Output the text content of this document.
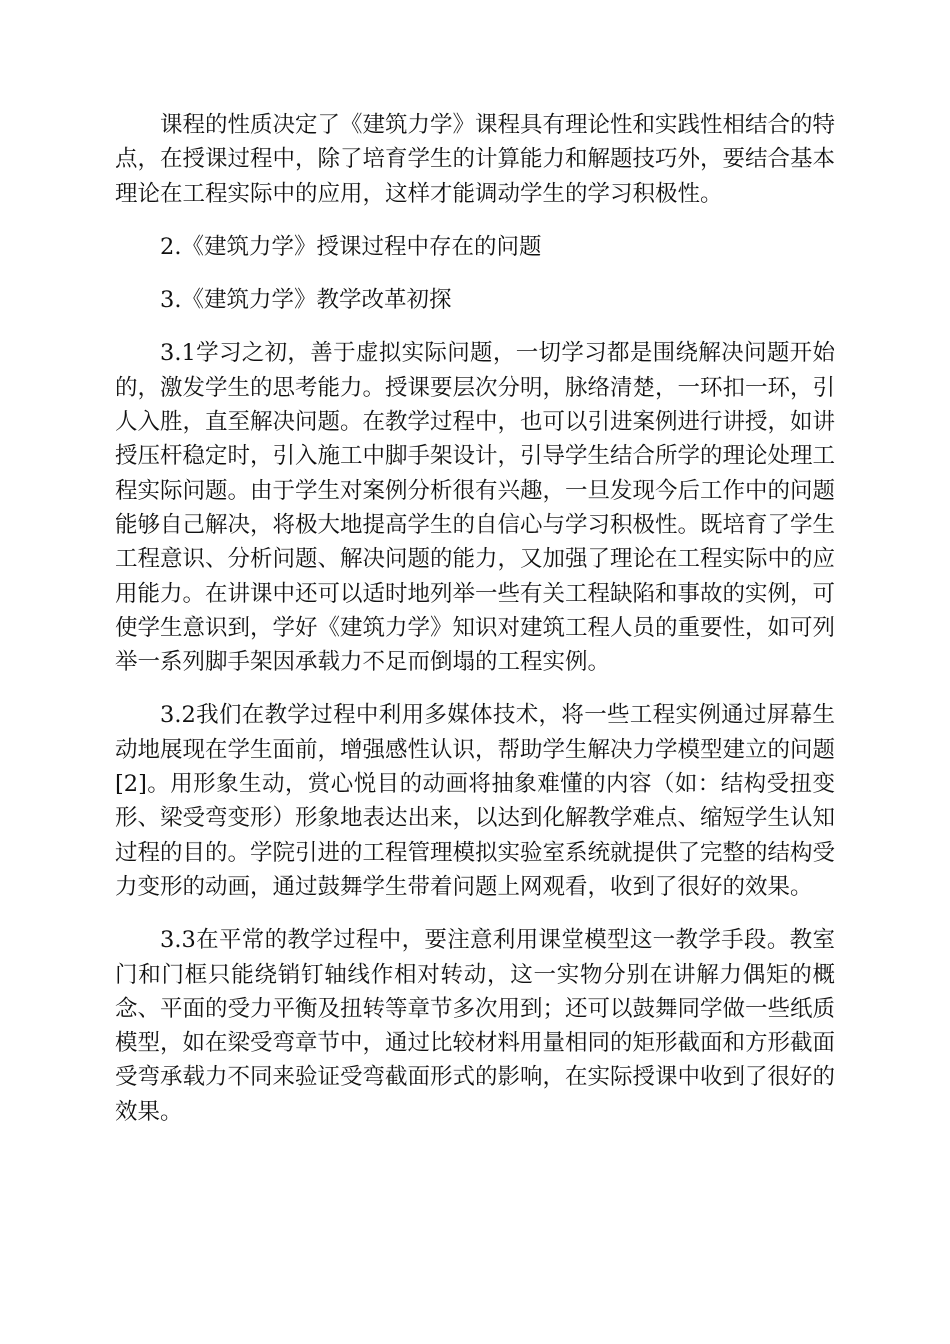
课程的性质决定了《建筑力学》课程具有理论性和实践性相结合的特点，在授课过程中，除了培育学生的计算能力和解题技巧外，要结合基本理论在工程实际中的应用，这样才能调动学生的学习积极性。

2.《建筑力学》授课过程中存在的问题

3.《建筑力学》教学改革初探

3.1学习之初，善于虚拟实际问题，一切学习都是围绕解决问题开始的，激发学生的思考能力。授课要层次分明，脉络清楚，一环扣一环，引人入胜，直至解决问题。在教学过程中，也可以引进案例进行讲授，如讲授压杆稳定时，引入施工中脚手架设计，引导学生结合所学的理论处理工程实际问题。由于学生对案例分析很有兴趣，一旦发现今后工作中的问题能够自己解决，将极大地提高学生的自信心与学习积极性。既培育了学生工程意识、分析问题、解决问题的能力，又加强了理论在工程实际中的应用能力。在讲课中还可以适时地列举一些有关工程缺陷和事故的实例，可使学生意识到，学好《建筑力学》知识对建筑工程人员的重要性，如可列举一系列脚手架因承载力不足而倒塌的工程实例。

3.2我们在教学过程中利用多媒体技术，将一些工程实例通过屏幕生动地展现在学生面前，增强感性认识，帮助学生解决力学模型建立的问题[2]。用形象生动，赏心悦目的动画将抽象难懂的内容（如：结构受扭变形、梁受弯变形）形象地表达出来，以达到化解教学难点、缩短学生认知过程的目的。学院引进的工程管理模拟实验室系统就提供了完整的结构受力变形的动画，通过鼓舞学生带着问题上网观看，收到了很好的效果。

3.3在平常的教学过程中，要注意利用课堂模型这一教学手段。教室门和门框只能绕销钉轴线作相对转动，这一实物分别在讲解力偶矩的概念、平面的受力平衡及扭转等章节多次用到；还可以鼓舞同学做一些纸质模型，如在梁受弯章节中，通过比较材料用量相同的矩形截面和方形截面受弯承载力不同来验证受弯截面形式的影响，在实际授课中收到了很好的效果。
